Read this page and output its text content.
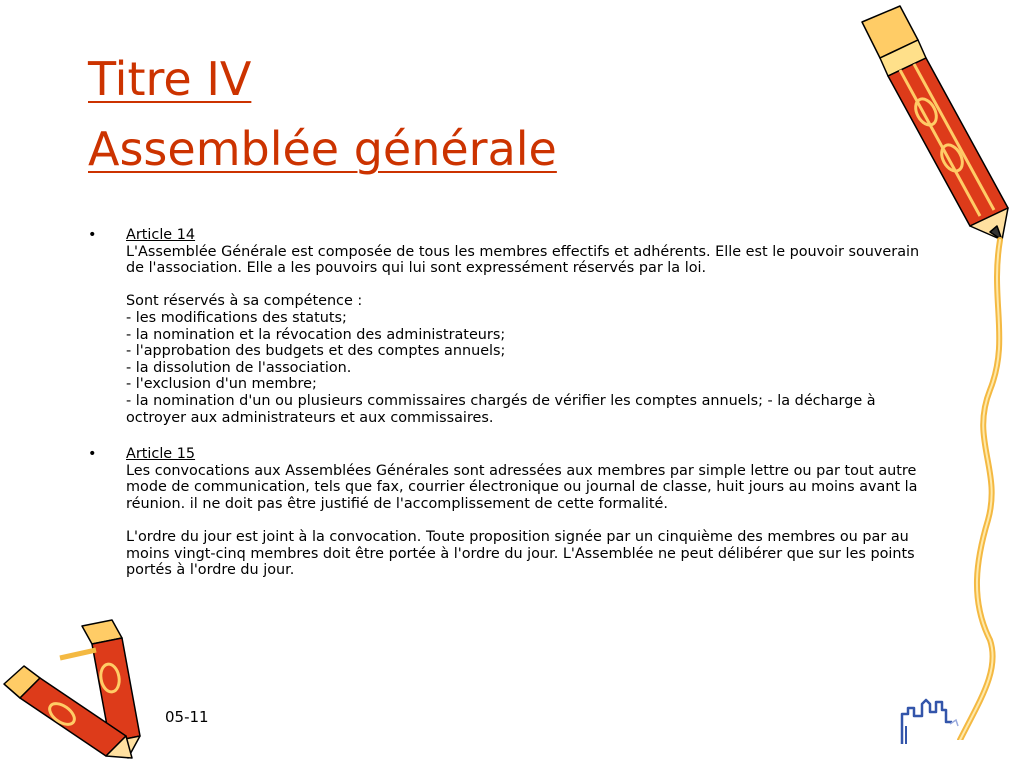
Titre IV
Assemblée générale
• Article 14

L'Assemblée Générale est composée de tous les membres effectifs et adhérents. Elle est le pouvoir souverain de l'association. Elle a les pouvoirs qui lui sont expressément réservés par la loi.

Sont réservés à sa compétence :

- les modifications des statuts;

- la nomination et la révocation des administrateurs;

- l'approbation des budgets et des comptes annuels;

- la dissolution de l'association.

- l'exclusion d'un membre;

- la nomination d'un ou plusieurs commissaires chargés de vérifier les comptes annuels; - la décharge à octroyer aux administrateurs et aux commissaires.

• Article 15

Les convocations aux Assemblées Générales sont adressées aux membres par simple lettre ou par tout autre mode de communication, tels que fax, courrier électronique ou journal de classe, huit jours au moins avant la réunion. il ne doit pas être justifié de l'accomplissement de cette formalité.

L'ordre du jour est joint à la convocation. Toute proposition signée par un cinquième des membres ou par au moins vingt-cinq membres doit être portée à l'ordre du jour. L'Assemblée ne peut délibérer que sur les points portés à l'ordre du jour.

05-11
